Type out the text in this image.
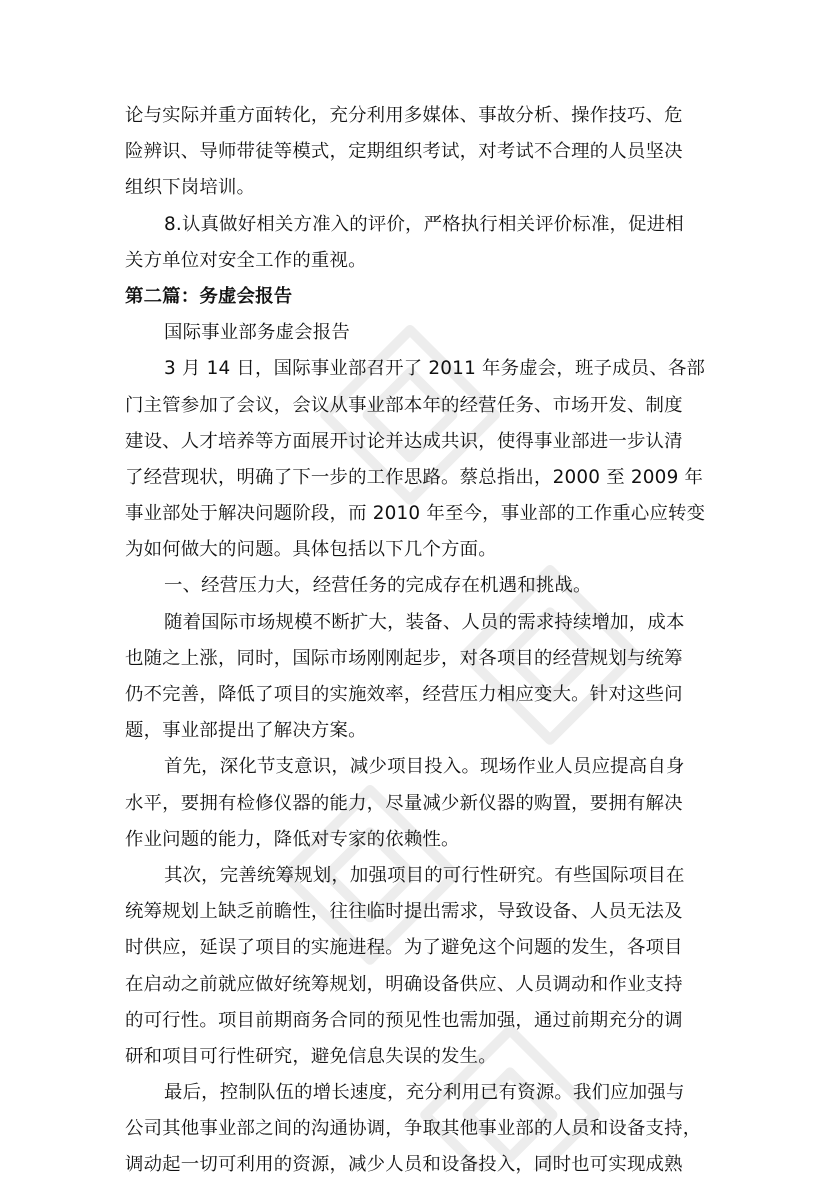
论与实际并重方面转化，充分利用多媒体、事故分析、操作技巧、危
险辨识、导师带徒等模式，定期组织考试，对考试不合理的人员坚决
组织下岗培训。
8.认真做好相关方准入的评价，严格执行相关评价标准，促进相
关方单位对安全工作的重视。
第二篇：务虚会报告
国际事业部务虚会报告
3 月 14 日，国际事业部召开了 2011 年务虚会，班子成员、各部
门主管参加了会议，会议从事业部本年的经营任务、市场开发、制度
建设、人才培养等方面展开讨论并达成共识，使得事业部进一步认清
了经营现状，明确了下一步的工作思路。蔡总指出，2000 至 2009 年
事业部处于解决问题阶段，而 2010 年至今，事业部的工作重心应转变
为如何做大的问题。具体包括以下几个方面。
一、经营压力大，经营任务的完成存在机遇和挑战。
随着国际市场规模不断扩大，装备、人员的需求持续增加，成本
也随之上涨，同时，国际市场刚刚起步，对各项目的经营规划与统筹
仍不完善，降低了项目的实施效率，经营压力相应变大。针对这些问
题，事业部提出了解决方案。
首先，深化节支意识，减少项目投入。现场作业人员应提高自身
水平，要拥有检修仪器的能力，尽量减少新仪器的购置，要拥有解决
作业问题的能力，降低对专家的依赖性。
其次，完善统筹规划，加强项目的可行性研究。有些国际项目在
统筹规划上缺乏前瞻性，往往临时提出需求，导致设备、人员无法及
时供应，延误了项目的实施进程。为了避免这个问题的发生，各项目
在启动之前就应做好统筹规划，明确设备供应、人员调动和作业支持
的可行性。项目前期商务合同的预见性也需加强，通过前期充分的调
研和项目可行性研究，避免信息失误的发生。
最后，控制队伍的增长速度，充分利用已有资源。我们应加强与
公司其他事业部之间的沟通协调，争取其他事业部的人员和设备支持，
调动起一切可利用的资源，减少人员和设备投入，同时也可实现成熟
